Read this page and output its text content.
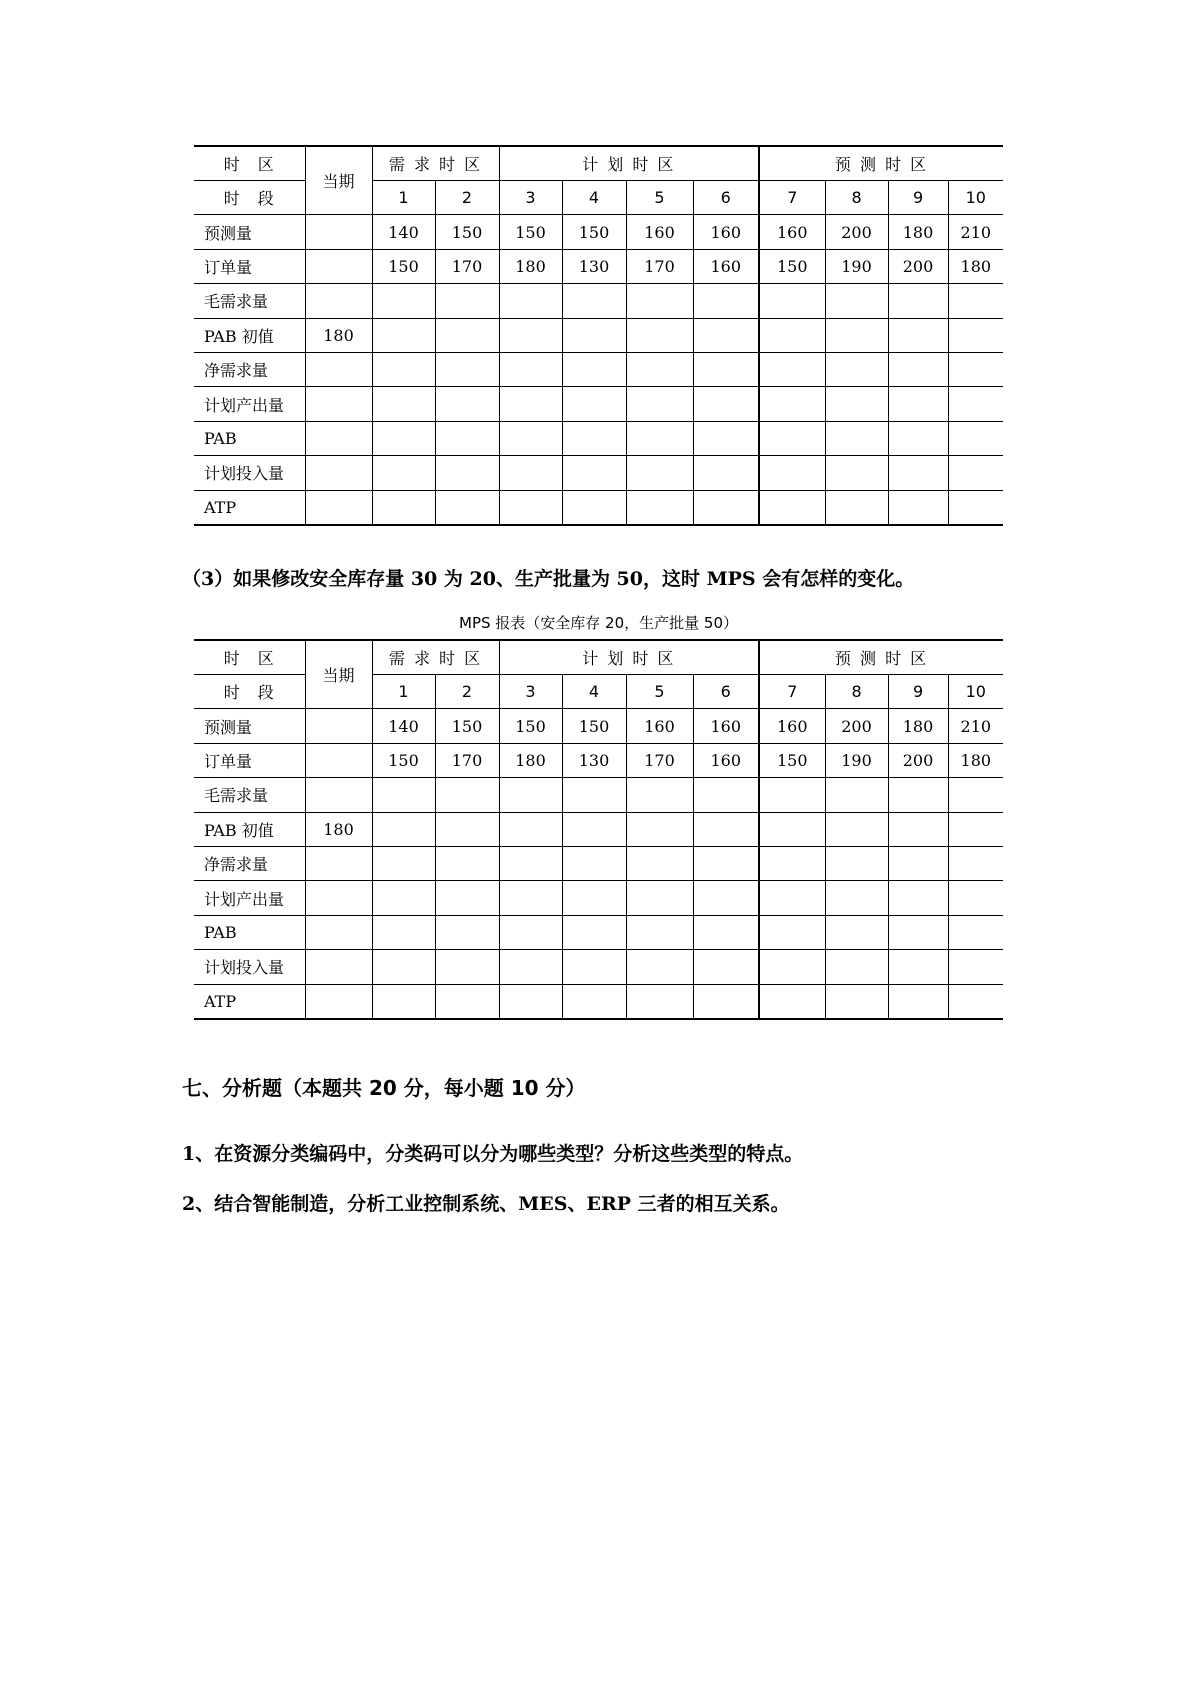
时　区	当期	需 求 时 区		计 划 时 区				预 测 时 区			
时　段		1	2	3	4	5	6	7	8	9	10
预测量		140	150	150	150	160	160	160	200	180	210
订单量		150	170	180	130	170	160	150	190	200	180
毛需求量											
PAB 初值	180										
净需求量											
计划产出量											
PAB											
计划投入量											
ATP											
（3）如果修改安全库存量 30 为 20、生产批量为 50，这时 MPS 会有怎样的变化。
MPS 报表（安全库存 20，生产批量 50）
时　区	当期	需 求 时 区		计 划 时 区				预 测 时 区			
时　段		1	2	3	4	5	6	7	8	9	10
预测量		140	150	150	150	160	160	160	200	180	210
订单量		150	170	180	130	170	160	150	190	200	180
毛需求量											
PAB 初值	180										
净需求量											
计划产出量											
PAB											
计划投入量											
ATP											
七、分析题（本题共 20 分，每小题 10 分）
1、在资源分类编码中，分类码可以分为哪些类型？分析这些类型的特点。
2、结合智能制造，分析工业控制系统、MES、ERP 三者的相互关系。
